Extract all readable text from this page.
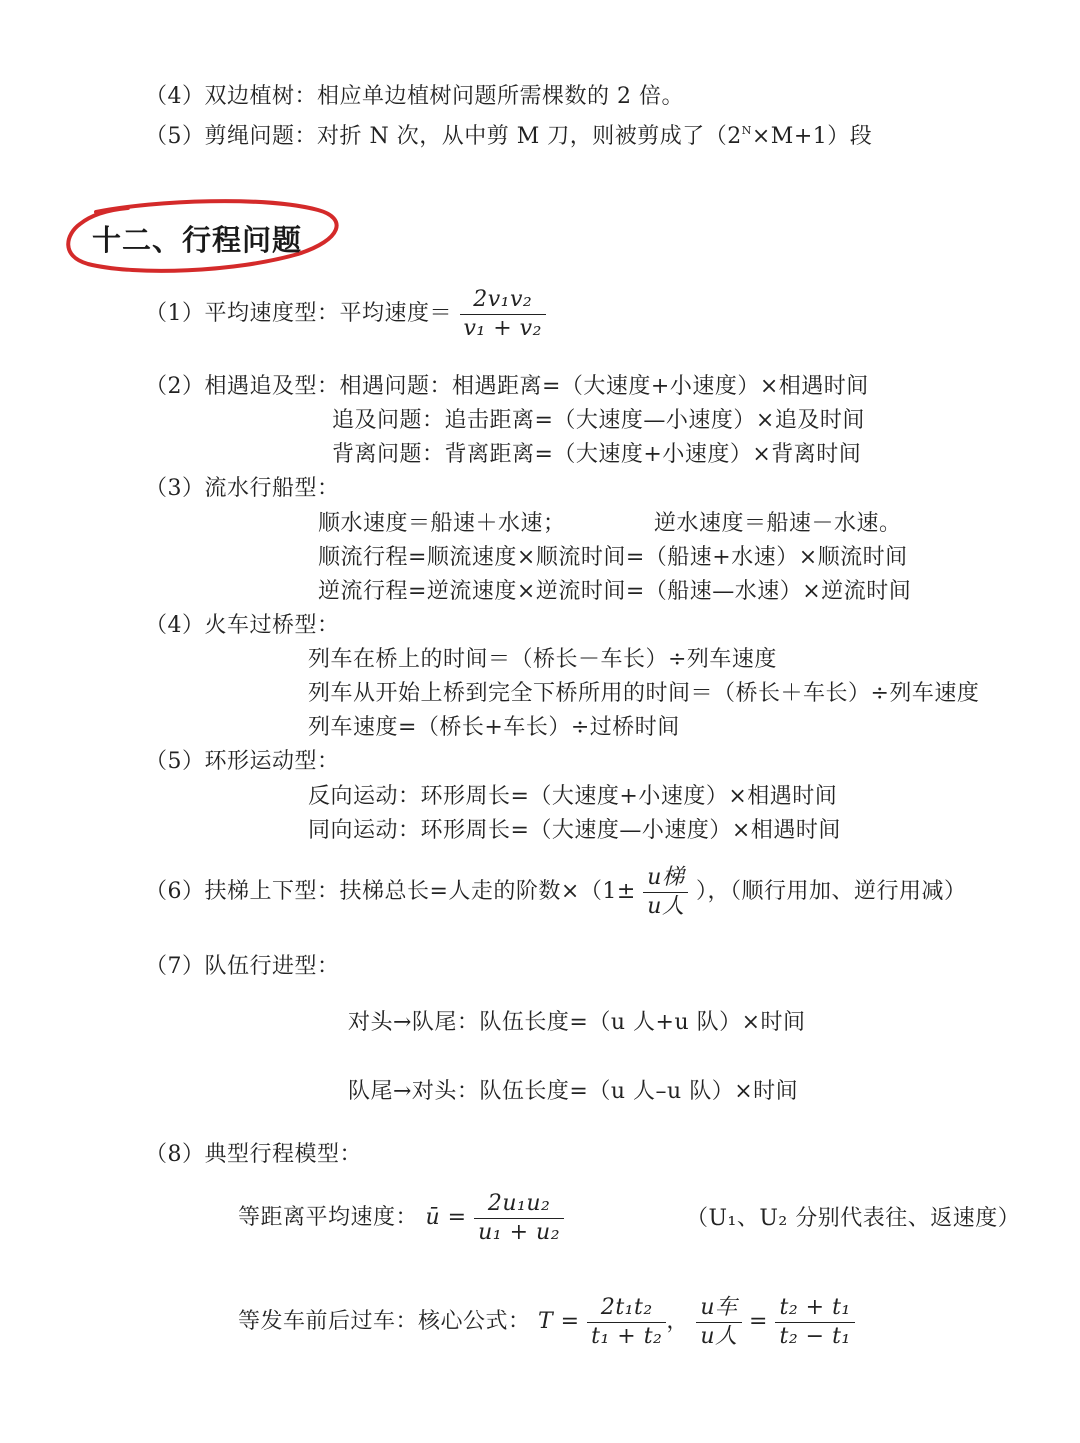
（4）双边植树：相应单边植树问题所需棵数的 2 倍。
（5）剪绳问题：对折 N 次，从中剪 M 刀，则被剪成了$(2^N\times M+1)$段
十二、行程问题
（1）平均速度型：平均速度＝ $\frac{\text{2v₁v₂}}{\text{v₁ + v₂}}$
（2）相遇追及型：相遇问题：相遇距离=（大速度+小速度）×相遇时间
追及问题：追击距离=（大速度—小速度）×追及时间
背离问题：背离距离=（大速度+小速度）×背离时间
（3）流水行船型：
顺水速度＝船速＋水速；	逆水速度＝船速－水速。
顺流行程=顺流速度×顺流时间=（船速+水速）×顺流时间
逆流行程=逆流速度×逆流时间=（船速—水速）×逆流时间
（4）火车过桥型：
列车在桥上的时间＝（桥长－车长）÷列车速度
列车从开始上桥到完全下桥所用的时间＝（桥长＋车长）÷列车速度
列车速度=（桥长+车长）÷过桥时间
（5）环形运动型：
反向运动：环形周长=（大速度+小速度）×相遇时间
同向运动：环形周长=（大速度—小速度）×相遇时间
（6）扶梯上下型：扶梯总长=人走的阶数$\times(1\pm \frac{\text{u梯}}{\text{u人}}$ ），（顺行用加、逆行用减）
（7）队伍行进型：
对头→队尾：队伍长度=（u 人+u 队）×时间
队尾→对头：队伍长度=（u 人–u 队）×时间
（8）典型行程模型：
等距离平均速度： ū = $\frac{\text{2u₁u₂}}{\text{u₁ + u₂}}$	（U₁、U₂ 分别代表往、返速度）
等发车前后过车：核心公式： $T = \frac{\text{2t₁t₂}}{\text{t₁ + t₂}}$ ， $\frac{\text{u车}}{\text{u人}} = \frac{\text{t₂ + t₁}}{\text{t₂ − t₁}}$
